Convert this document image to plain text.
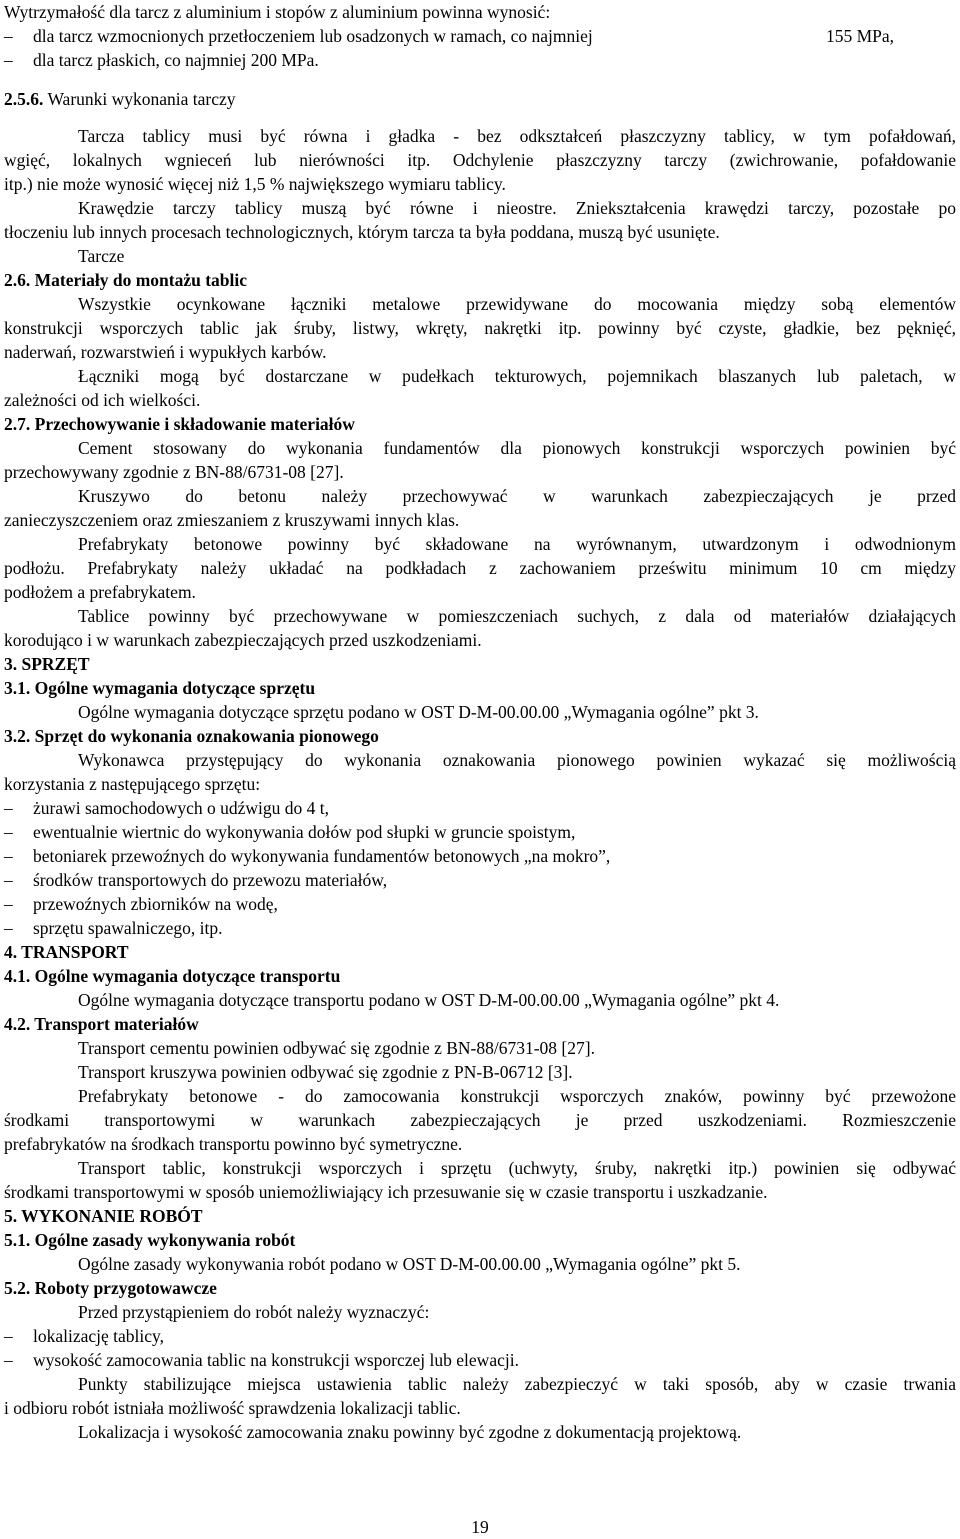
Wytrzymałość dla tarcz z aluminium i stopów z aluminium powinna wynosić:
– dla tarcz wzmocnionych przetłoczeniem lub osadzonych w ramach, co najmniej	155 MPa,
– dla tarcz płaskich, co najmniej 200 MPa.
2.5.6. Warunki wykonania tarczy
Tarcza tablicy musi być równa i gładka - bez odkształceń płaszczyzny tablicy, w tym pofałdowań,
wgięć, lokalnych wgnieceń lub nierówności itp. Odchylenie płaszczyzny tarczy (zwichrowanie, pofałdowanie
itp.) nie może wynosić więcej niż 1,5 % największego wymiaru tablicy.
Krawędzie tarczy tablicy muszą być równe i nieostre. Zniekształcenia krawędzi tarczy, pozostałe po
tłoczeniu lub innych procesach technologicznych, którym tarcza ta była poddana, muszą być usunięte.
Tarcze
2.6. Materiały do montażu tablic
Wszystkie ocynkowane łączniki metalowe przewidywane do mocowania między sobą elementów
konstrukcji wsporczych tablic jak śruby, listwy, wkręty, nakrętki itp. powinny być czyste, gładkie, bez pęknięć,
naderwań, rozwarstwień i wypukłych karbów.
Łączniki mogą być dostarczane w pudełkach tekturowych, pojemnikach blaszanych lub paletach, w
zależności od ich wielkości.
2.7. Przechowywanie i składowanie materiałów
Cement stosowany do wykonania fundamentów dla pionowych konstrukcji wsporczych powinien być
przechowywany zgodnie z BN-88/6731-08 [27].
Kruszywo do betonu należy przechowywać w warunkach zabezpieczających je przed
zanieczyszczeniem oraz zmieszaniem z kruszywami innych klas.
Prefabrykaty betonowe powinny być składowane na wyrównanym, utwardzonym i odwodnionym
podłożu. Prefabrykaty należy układać na podkładach z zachowaniem prześwitu minimum 10 cm między
podłożem a prefabrykatem.
Tablice powinny być przechowywane w pomieszczeniach suchych, z dala od materiałów działających
korodująco i w warunkach zabezpieczających przed uszkodzeniami.
3. SPRZĘT
3.1. Ogólne wymagania dotyczące sprzętu
Ogólne wymagania dotyczące sprzętu podano w OST D-M-00.00.00 „Wymagania ogólne” pkt 3.
3.2. Sprzęt do wykonania oznakowania pionowego
Wykonawca przystępujący do wykonania oznakowania pionowego powinien wykazać się możliwością
korzystania z następującego sprzętu:
– żurawi samochodowych o udźwigu do 4 t,
– ewentualnie wiertnic do wykonywania dołów pod słupki w gruncie spoistym,
– betoniarek przewoźnych do wykonywania fundamentów betonowych „na mokro”,
– środków transportowych do przewozu materiałów,
– przewoźnych zbiorników na wodę,
– sprzętu spawalniczego, itp.
4. TRANSPORT
4.1. Ogólne wymagania dotyczące transportu
Ogólne wymagania dotyczące transportu podano w OST D-M-00.00.00 „Wymagania ogólne” pkt 4.
4.2. Transport materiałów
Transport cementu powinien odbywać się zgodnie z BN-88/6731-08 [27].
Transport kruszywa powinien odbywać się zgodnie z PN-B-06712 [3].
Prefabrykaty betonowe - do zamocowania konstrukcji wsporczych znaków, powinny być przewożone
środkami transportowymi w warunkach zabezpieczających je przed uszkodzeniami. Rozmieszczenie
prefabrykatów na środkach transportu powinno być symetryczne.
Transport tablic, konstrukcji wsporczych i sprzętu (uchwyty, śruby, nakrętki itp.) powinien się odbywać
środkami transportowymi w sposób uniemożliwiający ich przesuwanie się w czasie transportu i uszkadzanie.
5. WYKONANIE ROBÓT
5.1. Ogólne zasady wykonywania robót
Ogólne zasady wykonywania robót podano w OST D-M-00.00.00 „Wymagania ogólne” pkt 5.
5.2. Roboty przygotowawcze
Przed przystąpieniem do robót należy wyznaczyć:
– lokalizację tablicy,
– wysokość zamocowania tablic na konstrukcji wsporczej lub elewacji.
Punkty stabilizujące miejsca ustawienia tablic należy zabezpieczyć w taki sposób, aby w czasie trwania
i odbioru robót istniała możliwość sprawdzenia lokalizacji tablic.
Lokalizacja i wysokość zamocowania znaku powinny być zgodne z dokumentacją projektową.
19
